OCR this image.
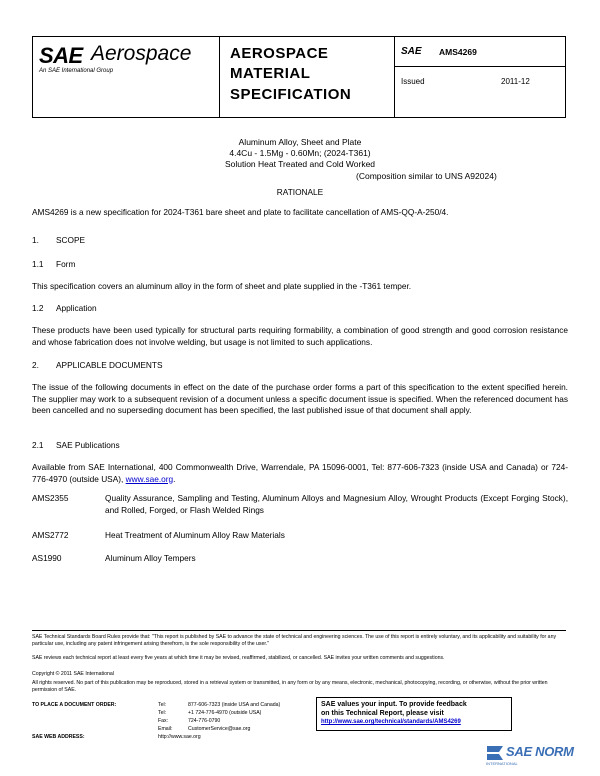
SAE Aerospace
An SAE International Group
AEROSPACE
MATERIAL
SPECIFICATION
SAE AMS4269
Issued	2011-12
Aluminum Alloy, Sheet and Plate
4.4Cu - 1.5Mg - 0.60Mn; (2024-T361)
Solution Heat Treated and Cold Worked
(Composition similar to UNS A92024)
RATIONALE
AMS4269 is a new specification for 2024-T361 bare sheet and plate to facilitate cancellation of AMS-QQ-A-250/4.
1. SCOPE
1.1 Form
This specification covers an aluminum alloy in the form of sheet and plate supplied in the -T361 temper.
1.2 Application
These products have been used typically for structural parts requiring formability, a combination of good strength and good corrosion resistance and whose fabrication does not involve welding, but usage is not limited to such applications.
2. APPLICABLE DOCUMENTS
The issue of the following documents in effect on the date of the purchase order forms a part of this specification to the extent specified herein. The supplier may work to a subsequent revision of a document unless a specific document issue is specified. When the referenced document has been cancelled and no superseding document has been specified, the last published issue of that document shall apply.
2.1 SAE Publications
Available from SAE International, 400 Commonwealth Drive, Warrendale, PA 15096-0001, Tel: 877-606-7323 (inside USA and Canada) or 724-776-4970 (outside USA), www.sae.org.
AMS2355	Quality Assurance, Sampling and Testing, Aluminum Alloys and Magnesium Alloy, Wrought Products (Except Forging Stock), and Rolled, Forged, or Flash Welded Rings
AMS2772	Heat Treatment of Aluminum Alloy Raw Materials
AS1990	Aluminum Alloy Tempers
SAE Technical Standards Board Rules provide that: "This report is published by SAE to advance the state of technical and engineering sciences. The use of this report is entirely voluntary, and its applicability and suitability for any particular use, including any patent infringement arising therefrom, is the sole responsibility of the user."
SAE reviews each technical report at least every five years at which time it may be revised, reaffirmed, stabilized, or cancelled. SAE invites your written comments and suggestions.
Copyright © 2011 SAE International
All rights reserved. No part of this publication may be reproduced, stored in a retrieval system or transmitted, in any form or by any means, electronic, mechanical, photocopying, recording, or otherwise, without the prior written permission of SAE.
TO PLACE A DOCUMENT ORDER:	Tel:	877-606-7323 (inside USA and Canada)
Tel:	+1 724-776-4970 (outside USA)
Fax:	724-776-0790
Email:	CustomerService@sae.org
SAE WEB ADDRESS:	http://www.sae.org
SAE values your input. To provide feedback
on this Technical Report, please visit
http://www.sae.org/technical/standards/AMS4269
SAE NORM
INTERNATIONAL
